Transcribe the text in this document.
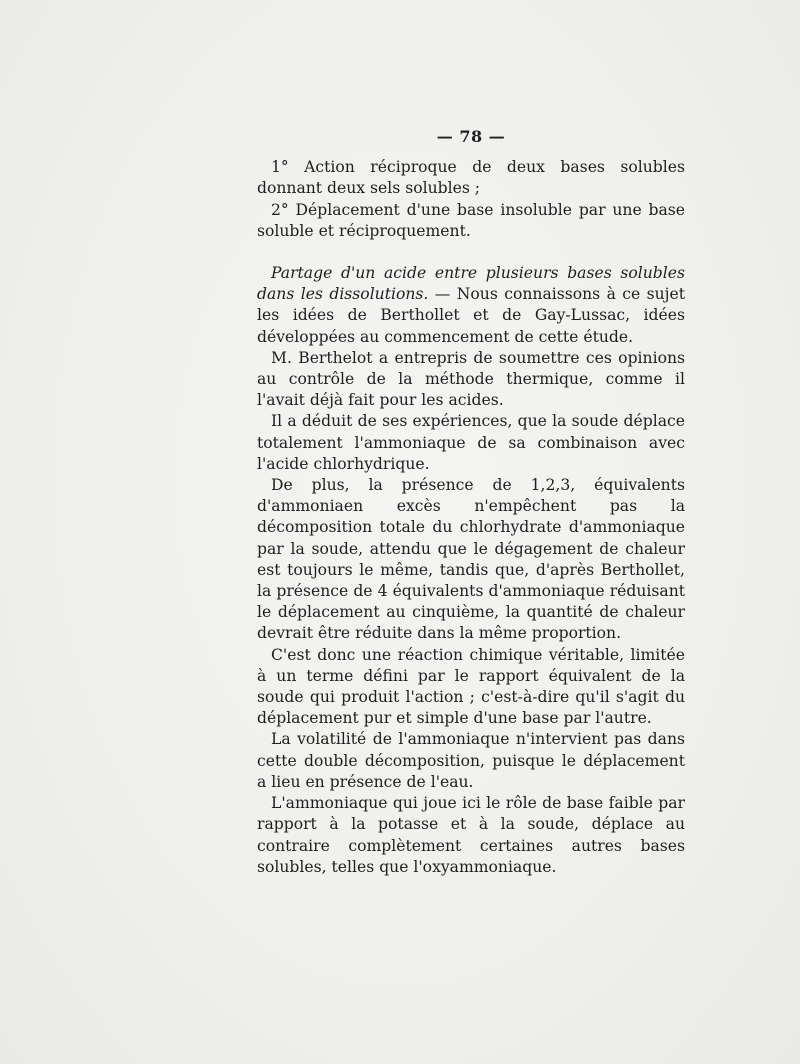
— 78 —

1° Action réciproque de deux bases solubles donnant deux sels solubles ;

2° Déplacement d'une base insoluble par une base soluble et réciproquement.

Partage d'un acide entre plusieurs bases solubles dans les dissolutions. — Nous connaissons à ce sujet les idées de Berthollet et de Gay-Lussac, idées développées au commencement de cette étude.

M. Berthelot a entrepris de soumettre ces opinions au contrôle de la méthode thermique, comme il l'avait déjà fait pour les acides.

Il a déduit de ses expériences, que la soude déplace totalement l'ammoniaque de sa combinaison avec l'acide chlorhydrique.

De plus, la présence de 1,2,3, équivalents d'ammoniaen excès n'empêchent pas la décomposition totale du chlorhydrate d'ammoniaque par la soude, attendu que le dégagement de chaleur est toujours le même, tandis que, d'après Berthollet, la présence de 4 équivalents d'ammoniaque réduisant le déplacement au cinquième, la quantité de chaleur devrait être réduite dans la même proportion.

C'est donc une réaction chimique véritable, limitée à un terme défini par le rapport équivalent de la soude qui produit l'action ; c'est-à-dire qu'il s'agit du déplacement pur et simple d'une base par l'autre.

La volatilité de l'ammoniaque n'intervient pas dans cette double décomposition, puisque le déplacement a lieu en présence de l'eau.

L'ammoniaque qui joue ici le rôle de base faible par rapport à la potasse et à la soude, déplace au contraire complètement certaines autres bases solubles, telles que l'oxyammoniaque.
